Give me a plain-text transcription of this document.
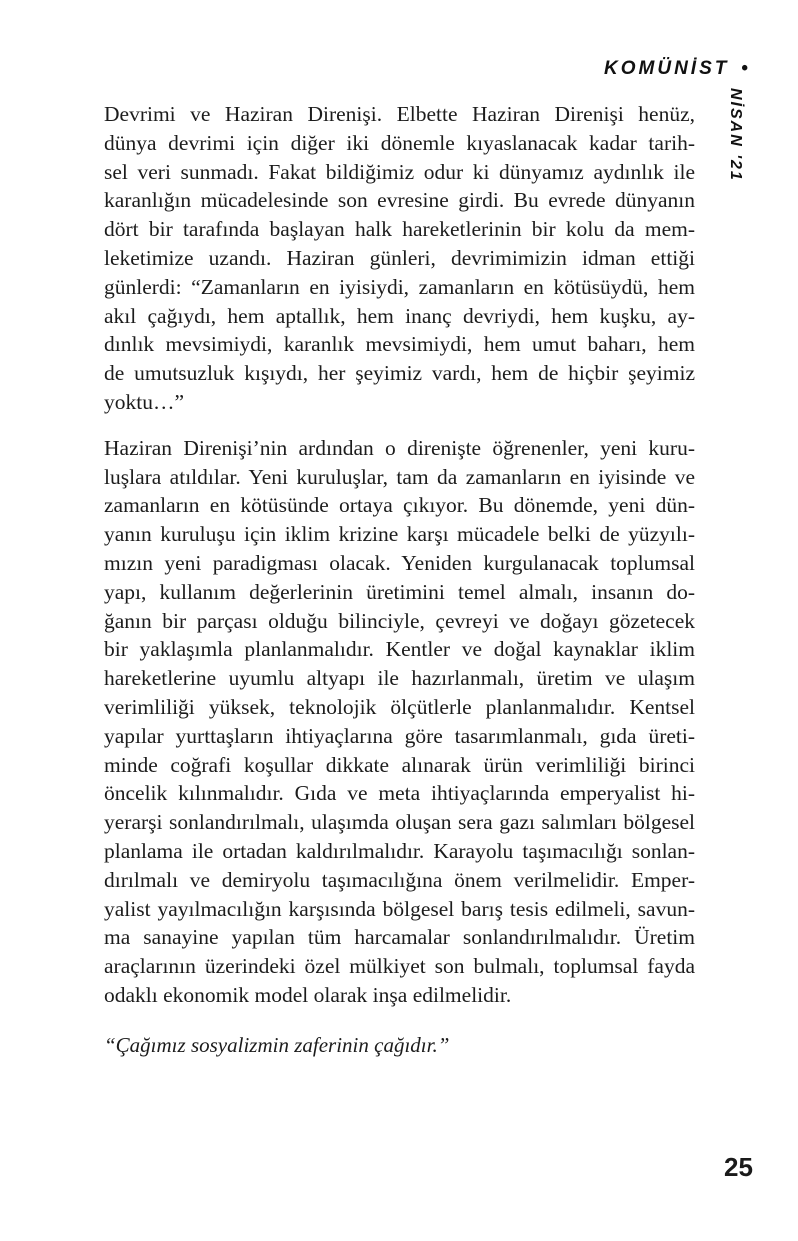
KOMÜNİST •
NİSAN '21
Devrimi ve Haziran Direnişi. Elbette Haziran Direnişi henüz,
dünya devrimi için diğer iki dönemle kıyaslanacak kadar tarih-
sel veri sunmadı. Fakat bildiğimiz odur ki dünyamız aydınlık ile
karanlığın mücadelesinde son evresine girdi. Bu evrede dünyanın
dört bir tarafında başlayan halk hareketlerinin bir kolu da mem-
leketimize uzandı. Haziran günleri, devrimimizin idman ettiği
günlerdi: “Zamanların en iyisiydi, zamanların en kötüsüydü, hem
akıl çağıydı, hem aptallık, hem inanç devriydi, hem kuşku, ay-
dınlık mevsimiydi, karanlık mevsimiydi, hem umut baharı, hem
de umutsuzluk kışıydı, her şeyimiz vardı, hem de hiçbir şeyimiz
yoktu…”
Haziran Direnişi’nin ardından o direnişte öğrenenler, yeni kuru-
luşlara atıldılar. Yeni kuruluşlar, tam da zamanların en iyisinde ve
zamanların en kötüsünde ortaya çıkıyor. Bu dönemde, yeni dün-
yanın kuruluşu için iklim krizine karşı mücadele belki de yüzyılı-
mızın yeni paradigması olacak. Yeniden kurgulanacak toplumsal
yapı, kullanım değerlerinin üretimini temel almalı, insanın do-
ğanın bir parçası olduğu bilinciyle, çevreyi ve doğayı gözetecek
bir yaklaşımla planlanmalıdır. Kentler ve doğal kaynaklar iklim
hareketlerine uyumlu altyapı ile hazırlanmalı, üretim ve ulaşım
verimliliği yüksek, teknolojik ölçütlerle planlanmalıdır. Kentsel
yapılar yurttaşların ihtiyaçlarına göre tasarımlanmalı, gıda üreti-
minde coğrafi koşullar dikkate alınarak ürün verimliliği birinci
öncelik kılınmalıdır. Gıda ve meta ihtiyaçlarında emperyalist hi-
yerarşi sonlandırılmalı, ulaşımda oluşan sera gazı salımları bölgesel
planlama ile ortadan kaldırılmalıdır. Karayolu taşımacılığı sonlan-
dırılmalı ve demiryolu taşımacılığına önem verilmelidir. Emper-
yalist yayılmacılığın karşısında bölgesel barış tesis edilmeli, savun-
ma sanayine yapılan tüm harcamalar sonlandırılmalıdır. Üretim
araçlarının üzerindeki özel mülkiyet son bulmalı, toplumsal fayda
odaklı ekonomik model olarak inşa edilmelidir.
“Çağımız sosyalizmin zaferinin çağıdır.”
25
